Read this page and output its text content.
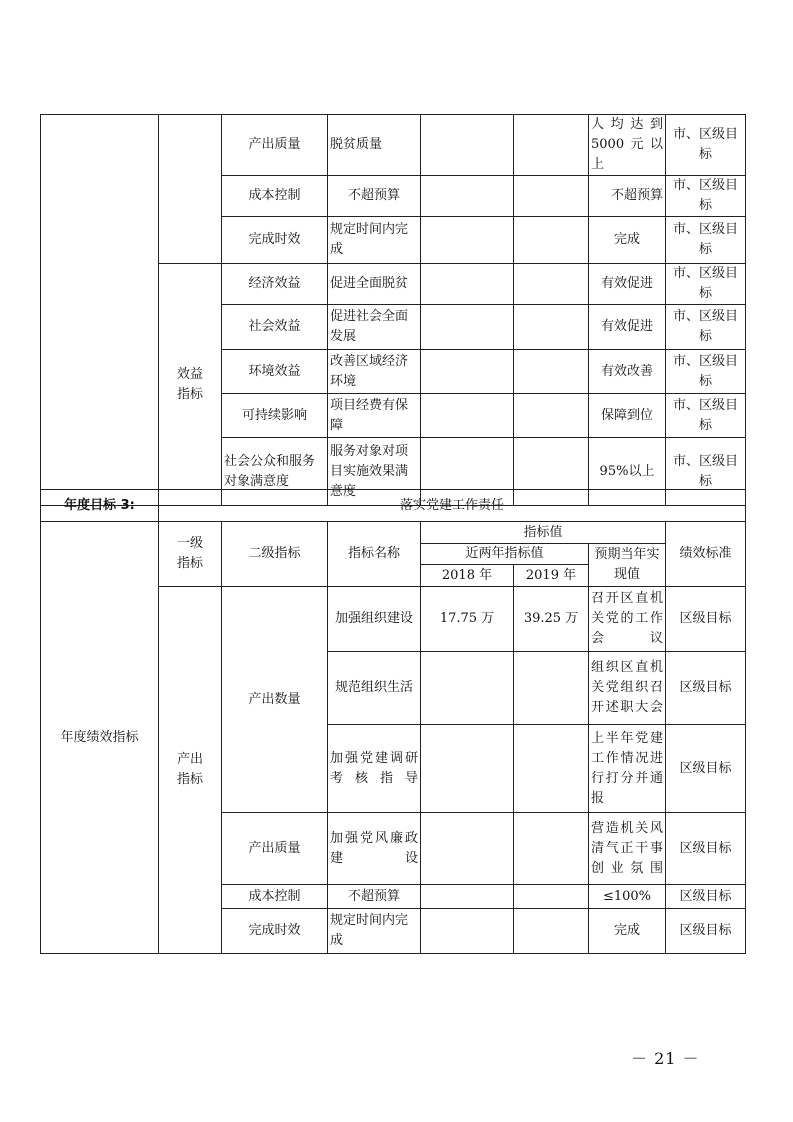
		产出质量	脱贫质量			人均达到5000元以上	市、区级目标
		成本控制	不超预算			不超预算	市、区级目标
		完成时效	规定时间内完成			完成	市、区级目标

	效益指标	经济效益	促进全面脱贫			有效促进	市、区级目标
		社会效益	促进社会全面发展			有效促进	市、区级目标
		环境效益	改善区域经济环境			有效改善	市、区级目标
		可持续影响	项目经费有保障			保障到位	市、区级目标
		社会公众和服务对象满意度	服务对象对项目实施效果满意度			95%以上	市、区级目标
年度目标 3:	落实党建工作责任						
年度绩效指标	一级指标	二级指标	指标名称	指标值			绩效标准
				近两年指标值		预期当年实现值	
				2018 年	2019 年		

	产出指标	产出数量	加强组织建设	17.75 万	39.25 万	召开区直机关党的工作会议	区级目标
			规范组织生活			组织区直机关党组织召开述职大会	区级目标
			加强党建调研考核指导			上半年党建工作情况进行打分并通报	区级目标
		产出质量	加强党风廉政建设			营造机关风清气正干事创业氛围	区级目标
		成本控制	不超预算			≤100%	区级目标
		完成时效	规定时间内完成			完成	区级目标
－ 21 －
